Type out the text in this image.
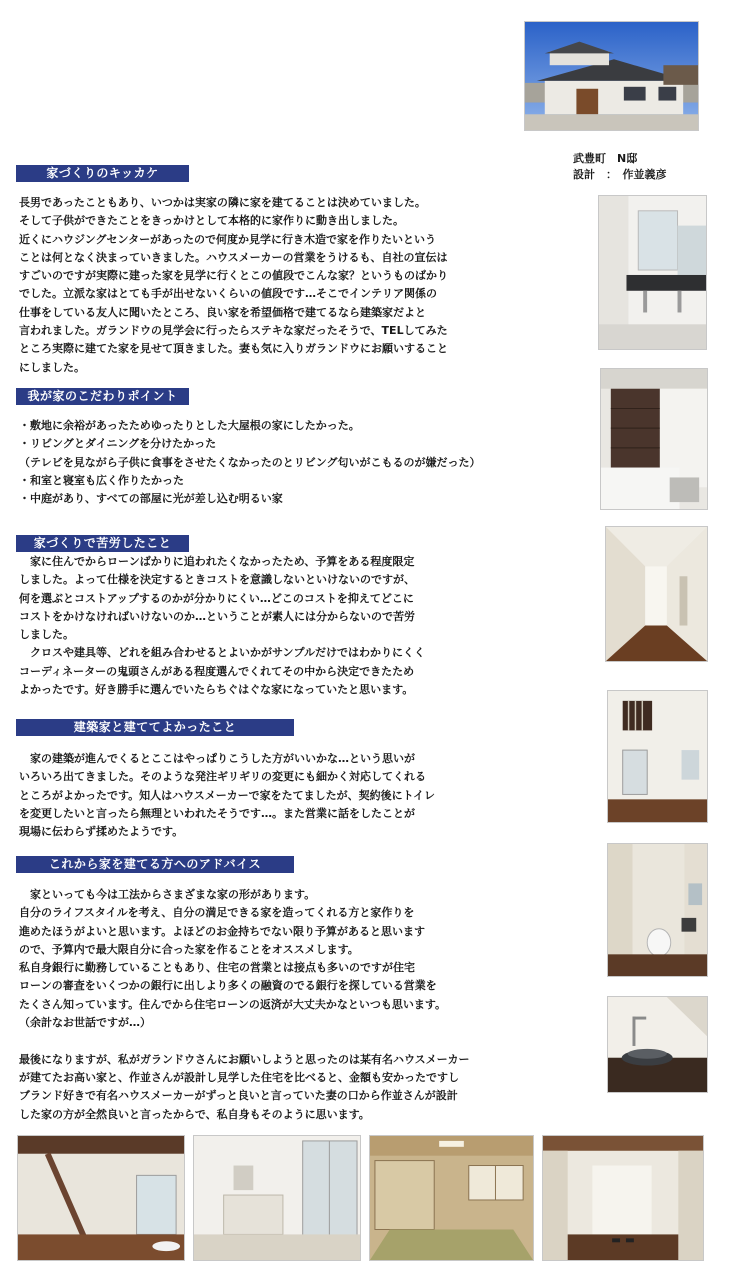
武豊町　N邸
設計　：　作並義彦
家づくりのキッカケ
長男であったこともあり、いつかは実家の隣に家を建てることは決めていました。
そして子供ができたことをきっかけとして本格的に家作りに動き出しました。
近くにハウジングセンターがあったので何度か見学に行き木造で家を作りたいという
ことは何となく決まっていきました。ハウスメーカーの営業をうけるも、自社の宣伝は
すごいのですが実際に建った家を見学に行くとこの値段でこんな家？というものばかり
でした。立派な家はとても手が出せないくらいの値段です…そこでインテリア関係の
仕事をしている友人に聞いたところ、良い家を希望価格で建てるなら建築家だよと
言われました。ガランドウの見学会に行ったらステキな家だったそうで、TELしてみた
ところ実際に建てた家を見せて頂きました。妻も気に入りガランドウにお願いすること
にしました。
我が家のこだわりポイント
・敷地に余裕があったためゆったりとした大屋根の家にしたかった。
・リビングとダイニングを分けたかった
（テレビを見ながら子供に食事をさせたくなかったのとリビング匂いがこもるのが嫌だった）
・和室と寝室も広く作りたかった
・中庭があり、すべての部屋に光が差し込む明るい家
家づくりで苦労したこと
　家に住んでからローンばかりに追われたくなかったため、予算をある程度限定
しました。よって仕様を決定するときコストを意識しないといけないのですが、
何を選ぶとコストアップするのかが分かりにくい…どこのコストを抑えてどこに
コストをかけなければいけないのか…ということが素人には分からないので苦労
しました。
　クロスや建具等、どれを組み合わせるとよいかがサンプルだけではわかりにくく
コーディネーターの鬼頭さんがある程度選んでくれてその中から決定できたため
よかったです。好き勝手に選んでいたらちぐはぐな家になっていたと思います。
建築家と建ててよかったこと
　家の建築が進んでくるとここはやっぱりこうした方がいいかな…という思いが
いろいろ出てきました。そのような発注ギリギリの変更にも細かく対応してくれる
ところがよかったです。知人はハウスメーカーで家をたてましたが、契約後にトイレ
を変更したいと言ったら無理といわれたそうです…。また営業に話をしたことが
現場に伝わらず揉めたようです。
これから家を建てる方へのアドバイス
　家といっても今は工法からさまざまな家の形があります。
自分のライフスタイルを考え、自分の満足できる家を造ってくれる方と家作りを
進めたほうがよいと思います。よほどのお金持ちでない限り予算があると思います
ので、予算内で最大限自分に合った家を作ることをオススメします。
私自身銀行に勤務していることもあり、住宅の営業とは接点も多いのですが住宅
ローンの審査をいくつかの銀行に出しより多くの融資のでる銀行を探している営業を
たくさん知っています。住んでから住宅ローンの返済が大丈夫かなといつも思います。
（余計なお世話ですが…）
最後になりますが、私がガランドウさんにお願いしようと思ったのは某有名ハウスメーカー
が建てたお高い家と、作並さんが設計し見学した住宅を比べると、金額も安かったですし
ブランド好きで有名ハウスメーカーがずっと良いと言っていた妻の口から作並さんが設計
した家の方が全然良いと言ったからで、私自身もそのように思います。
